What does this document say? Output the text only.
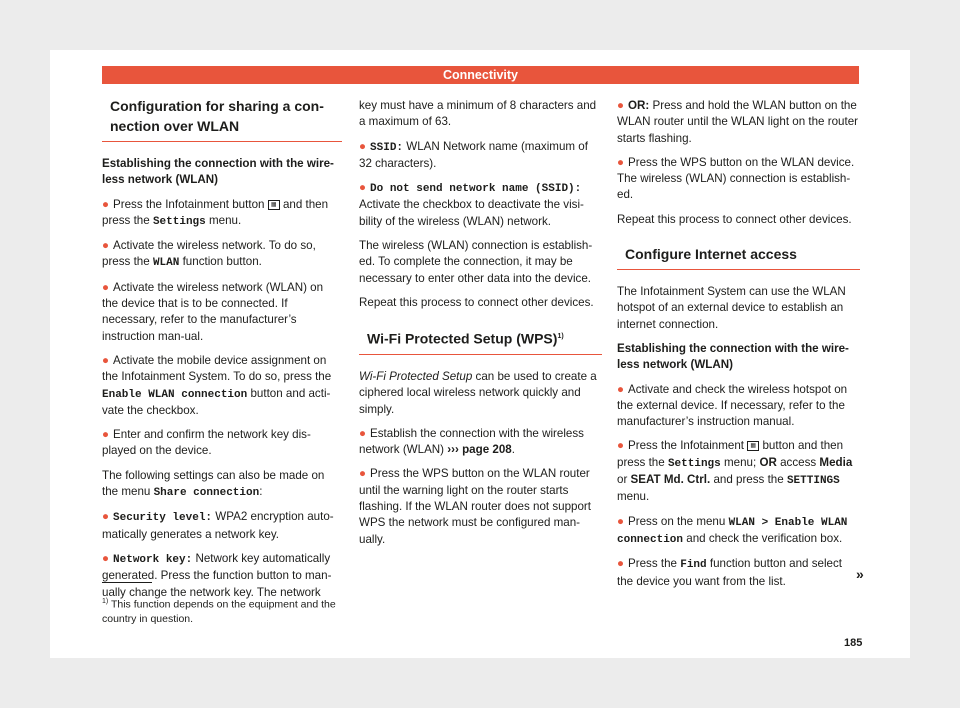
Connectivity
Configuration for sharing a con-nection over WLAN

Establishing the connection with the wire-less network (WLAN)

● Press the Infotainment button ▦ and then press the Settings menu.

● Activate the wireless network. To do so, press the WLAN function button.

● Activate the wireless network (WLAN) on the device that is to be connected. If necessary, refer to the manufacturer’s instruction man-ual.

● Activate the mobile device assignment on the Infotainment System. To do so, press the Enable WLAN connection button and acti-vate the checkbox.

● Enter and confirm the network key dis-played on the device.

The following settings can also be made on the menu Share connection:

● Security level: WPA2 encryption auto-matically generates a network key.

● Network key: Network key automatically generated. Press the function button to man-ually change the network key. The network

key must have a minimum of 8 characters and a maximum of 63.

● SSID: WLAN Network name (maximum of 32 characters).

● Do not send network name (SSID): Activate the checkbox to deactivate the visi-bility of the wireless (WLAN) network.

The wireless (WLAN) connection is establish-ed. To complete the connection, it may be necessary to enter other data into the device.

Repeat this process to connect other devices.

Wi-Fi Protected Setup (WPS)$^{1)}$

Wi-Fi Protected Setup can be used to create a ciphered local wireless network quickly and simply.

● Establish the connection with the wireless network (WLAN) ››› page 208.

● Press the WPS button on the WLAN router until the warning light on the router starts flashing. If the WLAN router does not support WPS the network must be configured man-ually.

● OR: Press and hold the WLAN button on the WLAN router until the WLAN light on the router starts flashing.

● Press the WPS button on the WLAN device. The wireless (WLAN) connection is establish-ed.

Repeat this process to connect other devices.

Configure Internet access

The Infotainment System can use the WLAN hotspot of an external device to establish an internet connection.

Establishing the connection with the wire-less network (WLAN)

● Activate and check the wireless hotspot on the external device. If necessary, refer to the manufacturer’s instruction manual.

● Press the Infotainment ▦ button and then press the Settings menu; OR access Media or SEAT Md. Ctrl. and press the SETTINGS menu.

● Press on the menu WLAN > Enable WLAN connection and check the verification box.

● Press the Find function button and select the device you want from the list.	»
$^{1)}$ This function depends on the equipment and the country in question.
185
